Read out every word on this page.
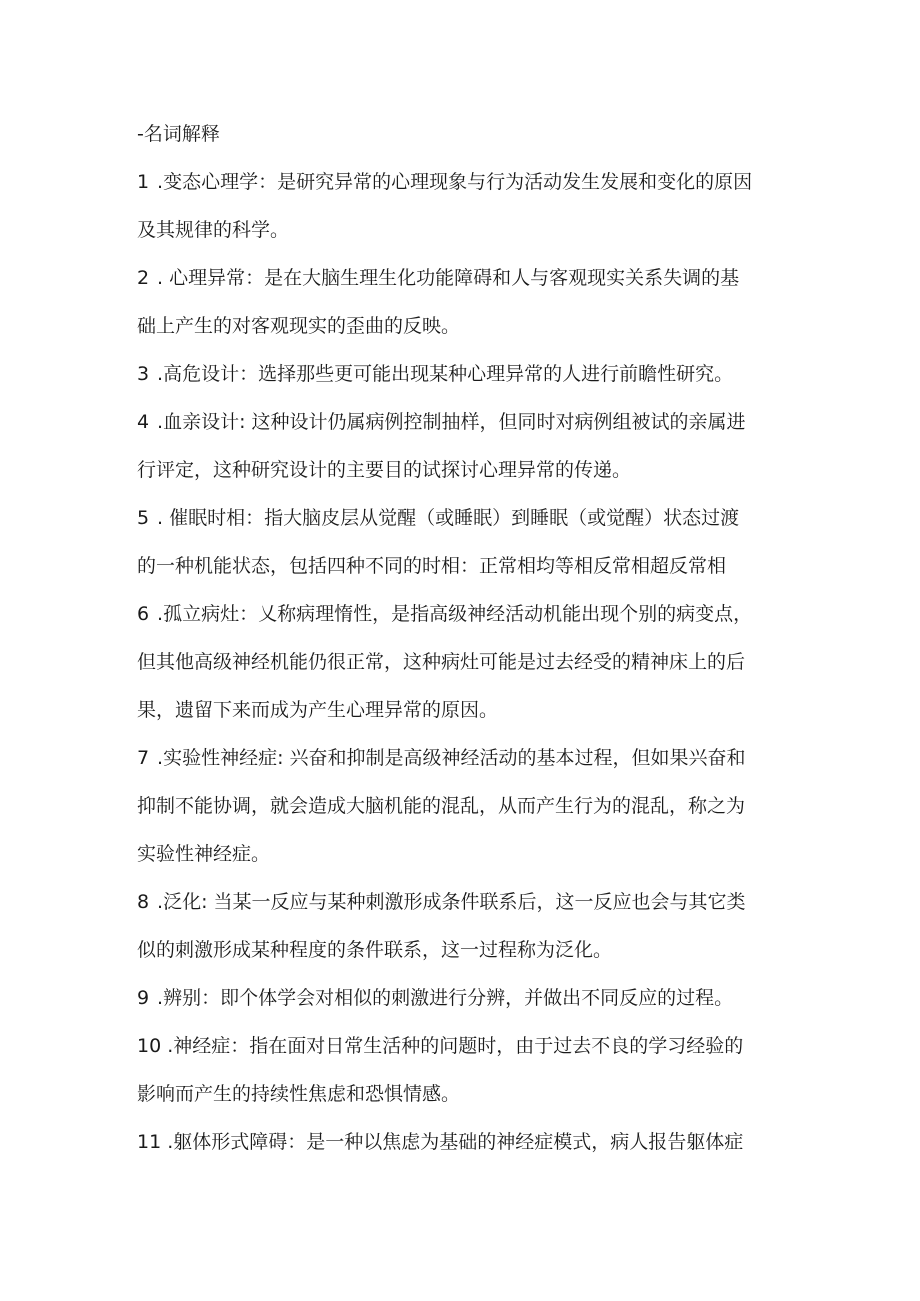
-名词解释

1 .变态心理学：是研究异常的心理现象与行为活动发生发展和变化的原因
及其规律的科学。

2 . 心理异常：是在大脑生理生化功能障碍和人与客观现实关系失调的基
础上产生的对客观现实的歪曲的反映。

3 .高危设计：选择那些更可能出现某种心理异常的人进行前瞻性研究。

4 .血亲设计: 这种设计仍属病例控制抽样，但同时对病例组被试的亲属进
行评定，这种研究设计的主要目的试探讨心理异常的传递。

5 . 催眠时相：指大脑皮层从觉醒（或睡眠）到睡眠（或觉醒）状态过渡
的一种机能状态，包括四种不同的时相：正常相均等相反常相超反常相

6 .孤立病灶：乂称病理惰性，是指高级神经活动机能出现个别的病变点，
但其他高级神经机能仍很正常，这种病灶可能是过去经受的精神床上的后
果，遗留下来而成为产生心理异常的原因。

7 .实验性神经症: 兴奋和抑制是高级神经活动的基本过程，但如果兴奋和
抑制不能协调，就会造成大脑机能的混乱，从而产生行为的混乱，称之为
实验性神经症。

8 .泛化: 当某一反应与某种刺激形成条件联系后，这一反应也会与其它类
似的刺激形成某种程度的条件联系，这一过程称为泛化。

9 .辨别：即个体学会对相似的刺激进行分辨，并做出不同反应的过程。

10 .神经症：指在面对日常生活种的问题时，由于过去不良的学习经验的
影响而产生的持续性焦虑和恐惧情感。

11 .躯体形式障碍：是一种以焦虑为基础的神经症模式，病人报告躯体症
